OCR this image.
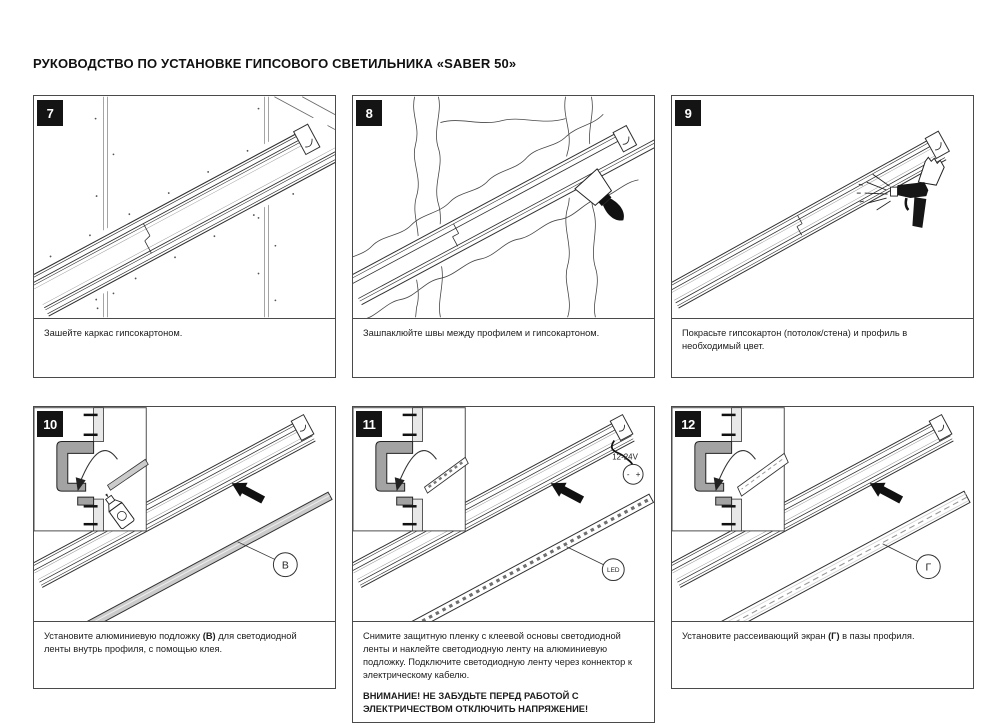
РУКОВОДСТВО ПО УСТАНОВКЕ ГИПСОВОГО СВЕТИЛЬНИКА «SABER 50»
7
Зашейте каркас гипсокартоном.
8
Зашпаклюйте швы между профилем и гипсокартоном.
9
Покрасьте гипсокартон (потолок/стена) и профиль в необходимый цвет.
10
В
Установите алюминиевую подложку (В) для светодиодной ленты внутрь профиля, с помощью клея.
11
12-24V
- +
LED
Снимите защитную пленку с клеевой основы светодиодной ленты и наклейте светодиодную ленту на алюминиевую подложку. Подключите светодиодную ленту через коннектор к электрическому кабелю.
ВНИМАНИЕ! НЕ ЗАБУДЬТЕ ПЕРЕД РАБОТОЙ С ЭЛЕКТРИЧЕСТВОМ ОТКЛЮЧИТЬ НАПРЯЖЕНИЕ!
12
Г
Установите рассеивающий экран (Г) в пазы профиля.
